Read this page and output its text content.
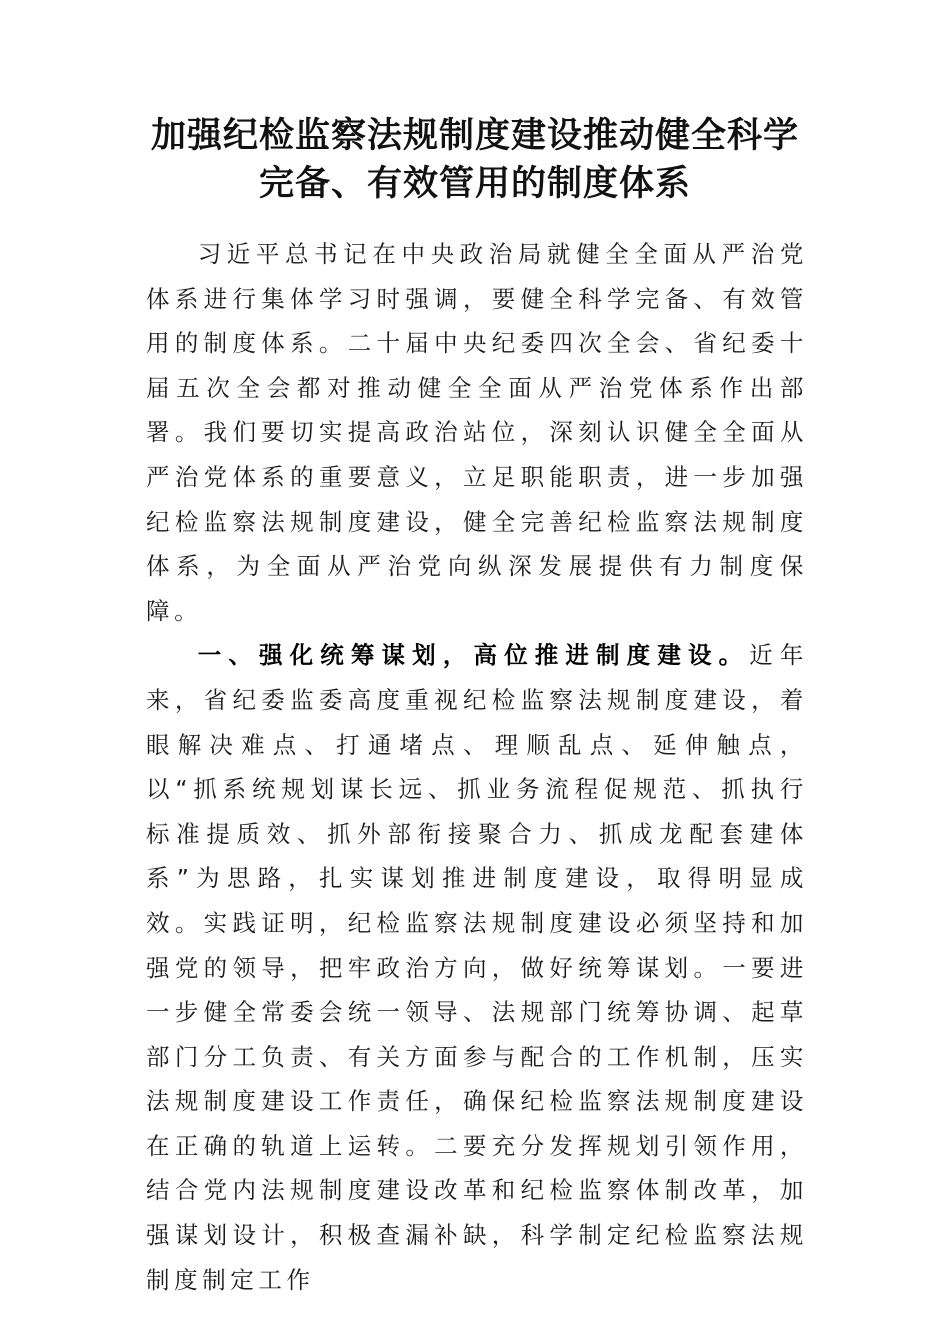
加强纪检监察法规制度建设推动健全科学
完备、有效管用的制度体系

习近平总书记在中央政治局就健全全面从严治党体系进行集体学习时强调，要健全科学完备、有效管用的制度体系。二十届中央纪委四次全会、省纪委十届五次全会都对推动健全全面从严治党体系作出部署。我们要切实提高政治站位，深刻认识健全全面从严治党体系的重要意义，立足职能职责，进一步加强纪检监察法规制度建设，健全完善纪检监察法规制度体系，为全面从严治党向纵深发展提供有力制度保障。

一、强化统筹谋划，高位推进制度建设。近年来，省纪委监委高度重视纪检监察法规制度建设，着眼解决难点、打通堵点、理顺乱点、延伸触点，以“抓系统规划谋长远、抓业务流程促规范、抓执行标准提质效、抓外部衔接聚合力、抓成龙配套建体系”为思路，扎实谋划推进制度建设，取得明显成效。实践证明，纪检监察法规制度建设必须坚持和加强党的领导，把牢政治方向，做好统筹谋划。一要进一步健全常委会统一领导、法规部门统筹协调、起草部门分工负责、有关方面参与配合的工作机制，压实法规制度建设工作责任，确保纪检监察法规制度建设在正确的轨道上运转。二要充分发挥规划引领作用，结合党内法规制度建设改革和纪检监察体制改革，加强谋划设计，积极查漏补缺，科学制定纪检监察法规制度制定工作
